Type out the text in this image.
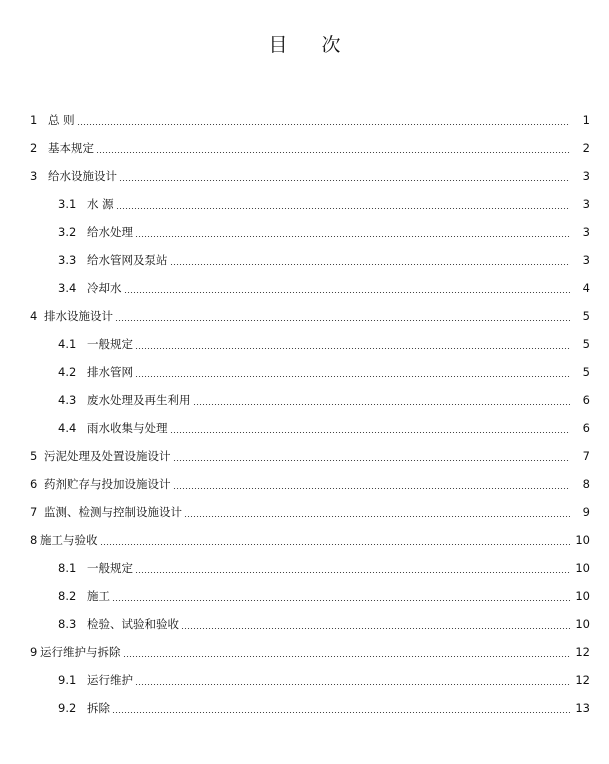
目 次
1 总 则	1
2 基本规定	2
3 给水设施设计	3
3.1 水 源	3
3.2 给水处理	3
3.3 给水管网及泵站	3
3.4 冷却水	4
4 排水设施设计	5
4.1 一般规定	5
4.2 排水管网	5
4.3 废水处理及再生利用	6
4.4 雨水收集与处理	6
5 污泥处理及处置设施设计	7
6 药剂贮存与投加设施设计	8
7 监测、检测与控制设施设计	9
8 施工与验收	10
8.1 一般规定	10
8.2 施工	10
8.3 检验、试验和验收	10
9 运行维护与拆除	12
9.1 运行维护	12
9.2 拆除	13
